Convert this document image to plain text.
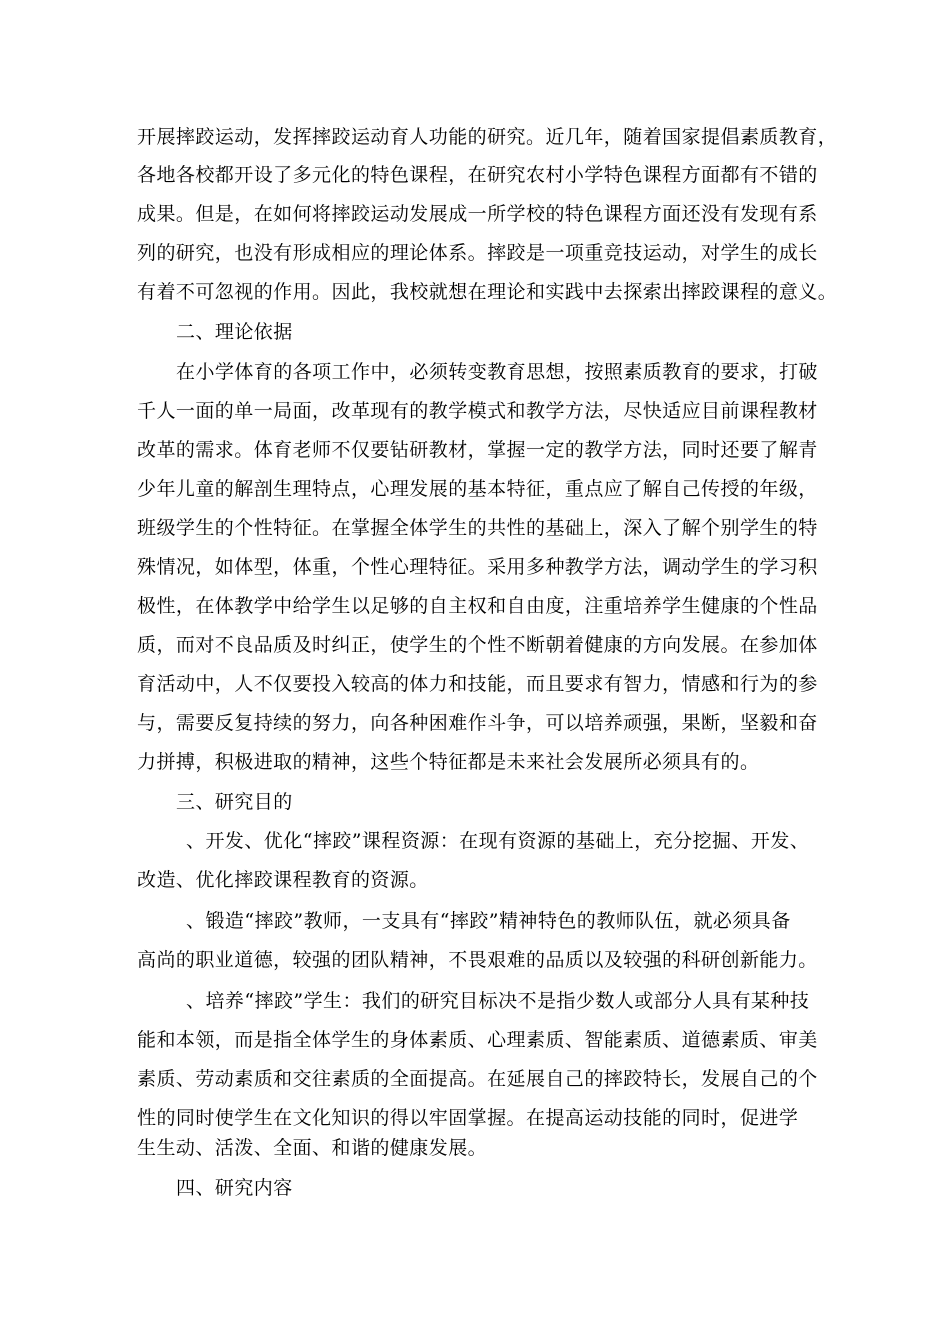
开展摔跤运动，发挥摔跤运动育人功能的研究。近几年，随着国家提倡素质教育，
各地各校都开设了多元化的特色课程，在研究农村小学特色课程方面都有不错的
成果。但是，在如何将摔跤运动发展成一所学校的特色课程方面还没有发现有系
列的研究，也没有形成相应的理论体系。摔跤是一项重竞技运动，对学生的成长
有着不可忽视的作用。因此，我校就想在理论和实践中去探索出摔跤课程的意义。
二、理论依据
在小学体育的各项工作中，必须转变教育思想，按照素质教育的要求，打破
千人一面的单一局面，改革现有的教学模式和教学方法，尽快适应目前课程教材
改革的需求。体育老师不仅要钻研教材，掌握一定的教学方法，同时还要了解青
少年儿童的解剖生理特点，心理发展的基本特征，重点应了解自己传授的年级，
班级学生的个性特征。在掌握全体学生的共性的基础上，深入了解个别学生的特
殊情况，如体型，体重，个性心理特征。采用多种教学方法，调动学生的学习积
极性，在体教学中给学生以足够的自主权和自由度，注重培养学生健康的个性品
质，而对不良品质及时纠正，使学生的个性不断朝着健康的方向发展。在参加体
育活动中，人不仅要投入较高的体力和技能，而且要求有智力，情感和行为的参
与，需要反复持续的努力，向各种困难作斗争，可以培养顽强，果断，坚毅和奋
力拼搏，积极进取的精神，这些个特征都是未来社会发展所必须具有的。
三、研究目的
、开发、优化“摔跤”课程资源：在现有资源的基础上，充分挖掘、开发、
改造、优化摔跤课程教育的资源。
、锻造“摔跤”教师，一支具有“摔跤”精神特色的教师队伍，就必须具备
高尚的职业道德，较强的团队精神，不畏艰难的品质以及较强的科研创新能力。
、培养“摔跤”学生：我们的研究目标决不是指少数人或部分人具有某种技
能和本领，而是指全体学生的身体素质、心理素质、智能素质、道德素质、审美
素质、劳动素质和交往素质的全面提高。在延展自己的摔跤特长，发展自己的个
性的同时使学生在文化知识的得以牢固掌握。在提高运动技能的同时，促进学
生生动、活泼、全面、和谐的健康发展。
四、研究内容
